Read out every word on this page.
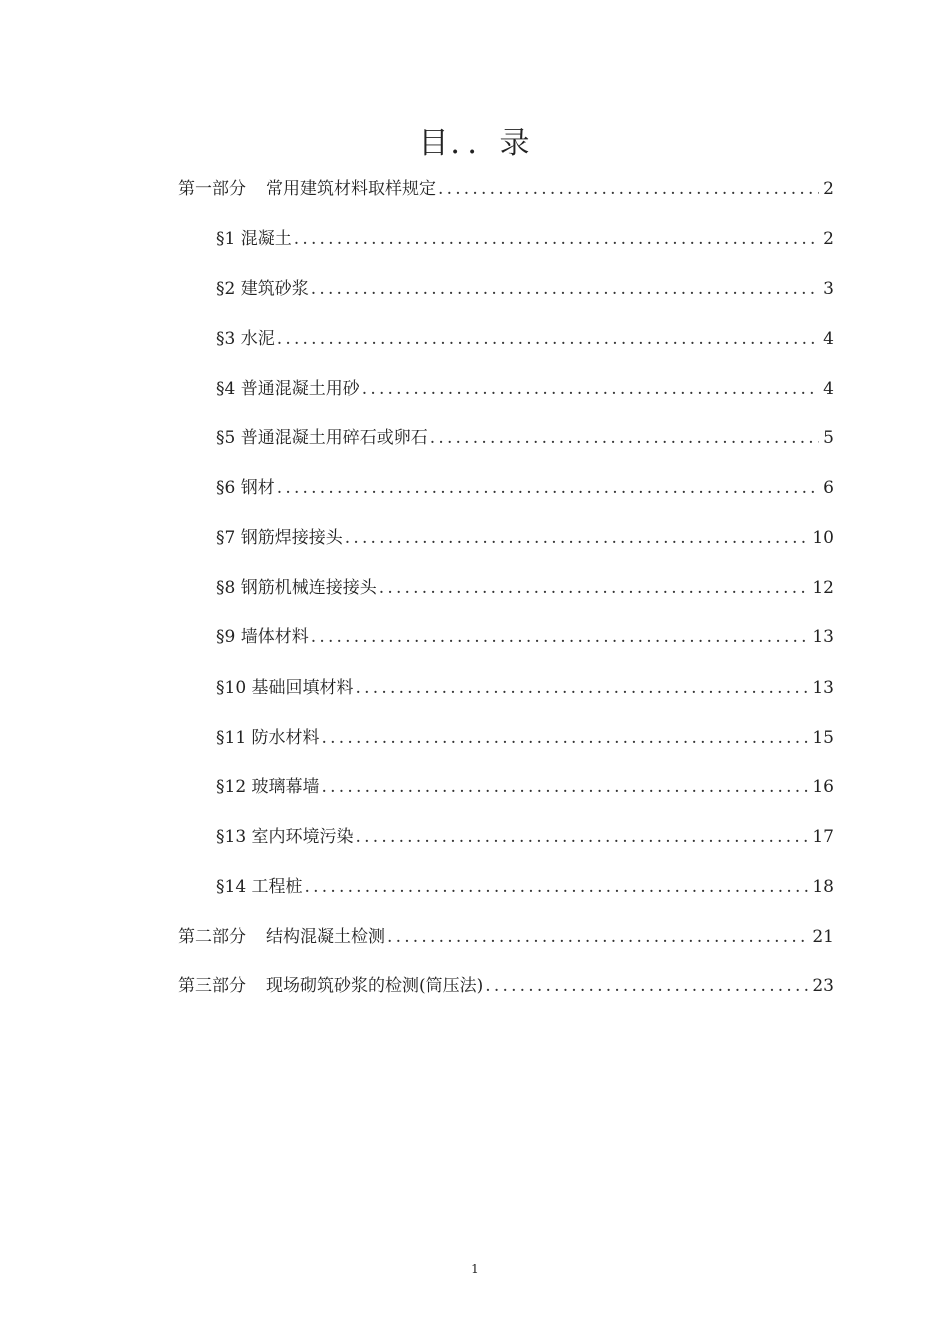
目．．录
第一部分 常用建筑材料取样规定 .....	2
§1 混凝土 .....	2
§2 建筑砂浆 .....	3
§3 水泥 .....	4
§4 普通混凝土用砂 .....	4
§5 普通混凝土用碎石或卵石 .....	5
§6 钢材 .....	6
§7 钢筋焊接接头 .....	10
§8 钢筋机械连接接头 .....	12
§9 墙体材料 .....	13
§10 基础回填材料 .....	13
§11 防水材料 .....	15
§12 玻璃幕墙 .....	16
§13 室内环境污染 .....	17
§14 工程桩 .....	18
第二部分 结构混凝土检测 .....	21
第三部分 现场砌筑砂浆的检测(筒压法) .....	23
1
